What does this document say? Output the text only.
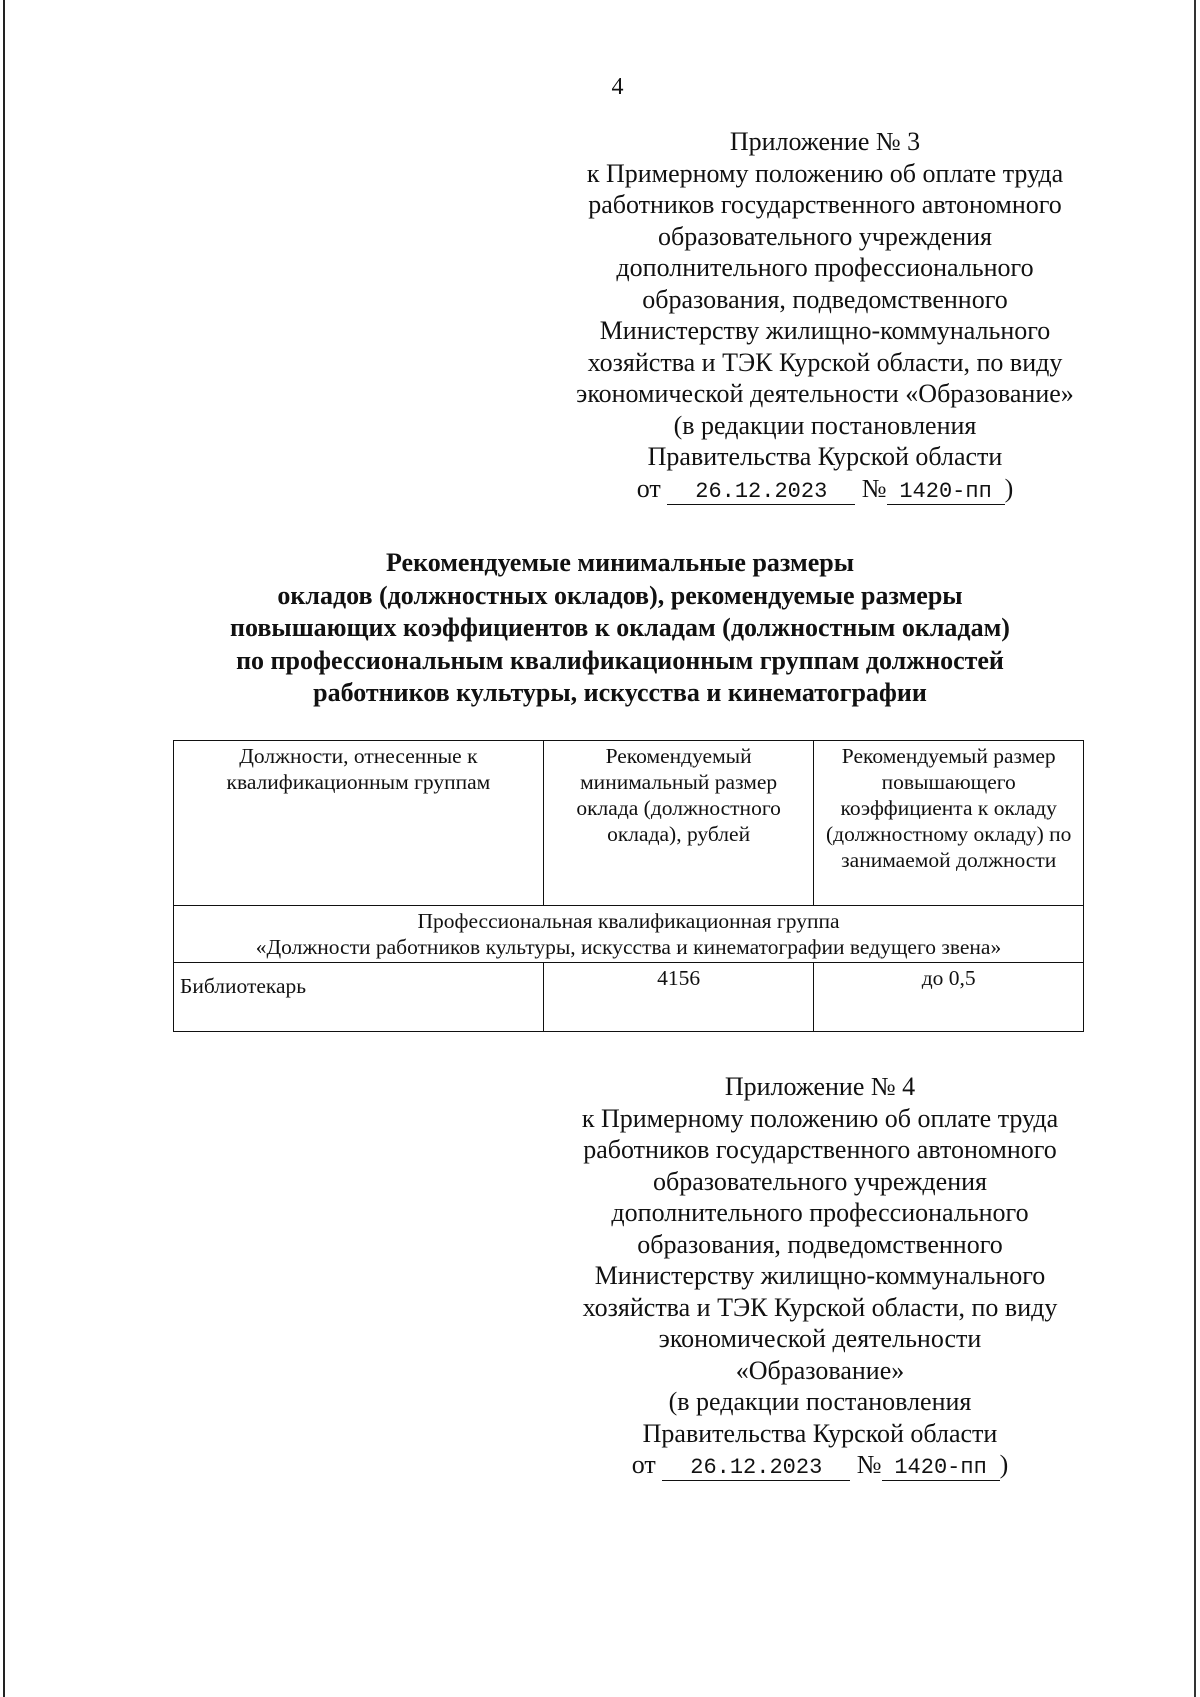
4
Приложение № 3
к Примерному положению об оплате труда
работников государственного автономного
образовательного учреждения
дополнительного профессионального
образования, подведомственного
Министерству жилищно-коммунального
хозяйства и ТЭК Курской области, по виду
экономической деятельности «Образование»
(в редакции постановления
Правительства Курской области
от 26.12.2023 № 1420-пп )
Рекомендуемые минимальные размеры
окладов (должностных окладов), рекомендуемые размеры
повышающих коэффициентов к окладам (должностным окладам)
по профессиональным квалификационным группам должностей
работников культуры, искусства и кинематографии
Должности, отнесенные к квалификационным группам	Рекомендуемый минимальный размер оклада (должностного оклада), рублей	Рекомендуемый размер повышающего коэффициента к окладу (должностному окладу) по занимаемой должности

Профессиональная квалификационная группа
«Должности работников культуры, искусства и кинематографии ведущего звена»		

Библиотекарь	4156	до 0,5
Приложение № 4
к Примерному положению об оплате труда
работников государственного автономного
образовательного учреждения
дополнительного профессионального
образования, подведомственного
Министерству жилищно-коммунального
хозяйства и ТЭК Курской области, по виду
экономической деятельности
«Образование»
(в редакции постановления
Правительства Курской области
от 26.12.2023 № 1420-пп )
